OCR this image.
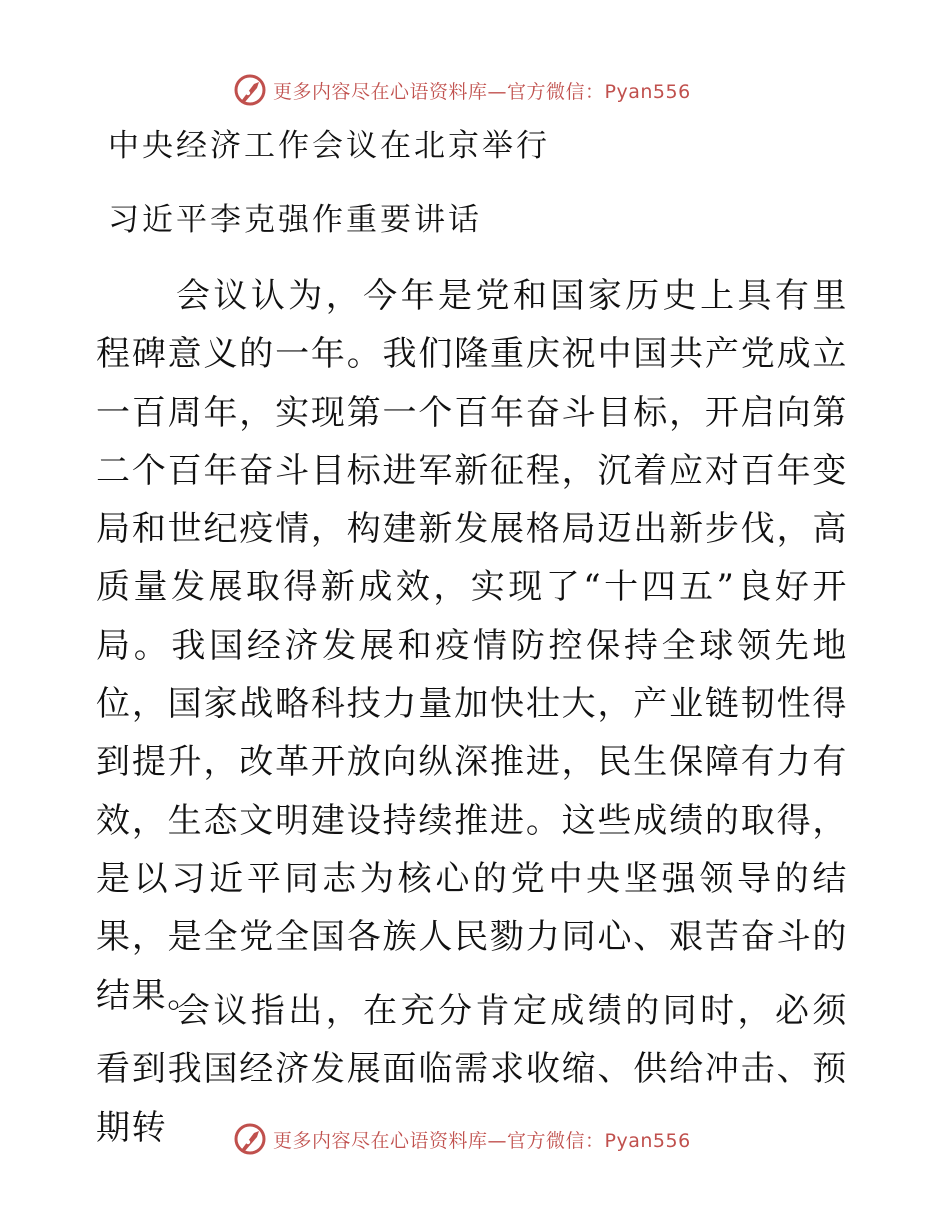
更多内容尽在心语资料库—官方微信：Pyan556
中央经济工作会议在北京举行
习近平李克强作重要讲话

会议认为，今年是党和国家历史上具有里程碑意义的一年。我们隆重庆祝中国共产党成立一百周年，实现第一个百年奋斗目标，开启向第二个百年奋斗目标进军新征程，沉着应对百年变局和世纪疫情，构建新发展格局迈出新步伐，高质量发展取得新成效，实现了“十四五”良好开局。我国经济发展和疫情防控保持全球领先地位，国家战略科技力量加快壮大，产业链韧性得到提升，改革开放向纵深推进，民生保障有力有效，生态文明建设持续推进。这些成绩的取得，是以习近平同志为核心的党中央坚强领导的结果，是全党全国各族人民勠力同心、艰苦奋斗的结果。

会议指出，在充分肯定成绩的同时，必须看到我国经济发展面临需求收缩、供给冲击、预期转	更多内容尽在心语资料库—官方微信：Pyan556
